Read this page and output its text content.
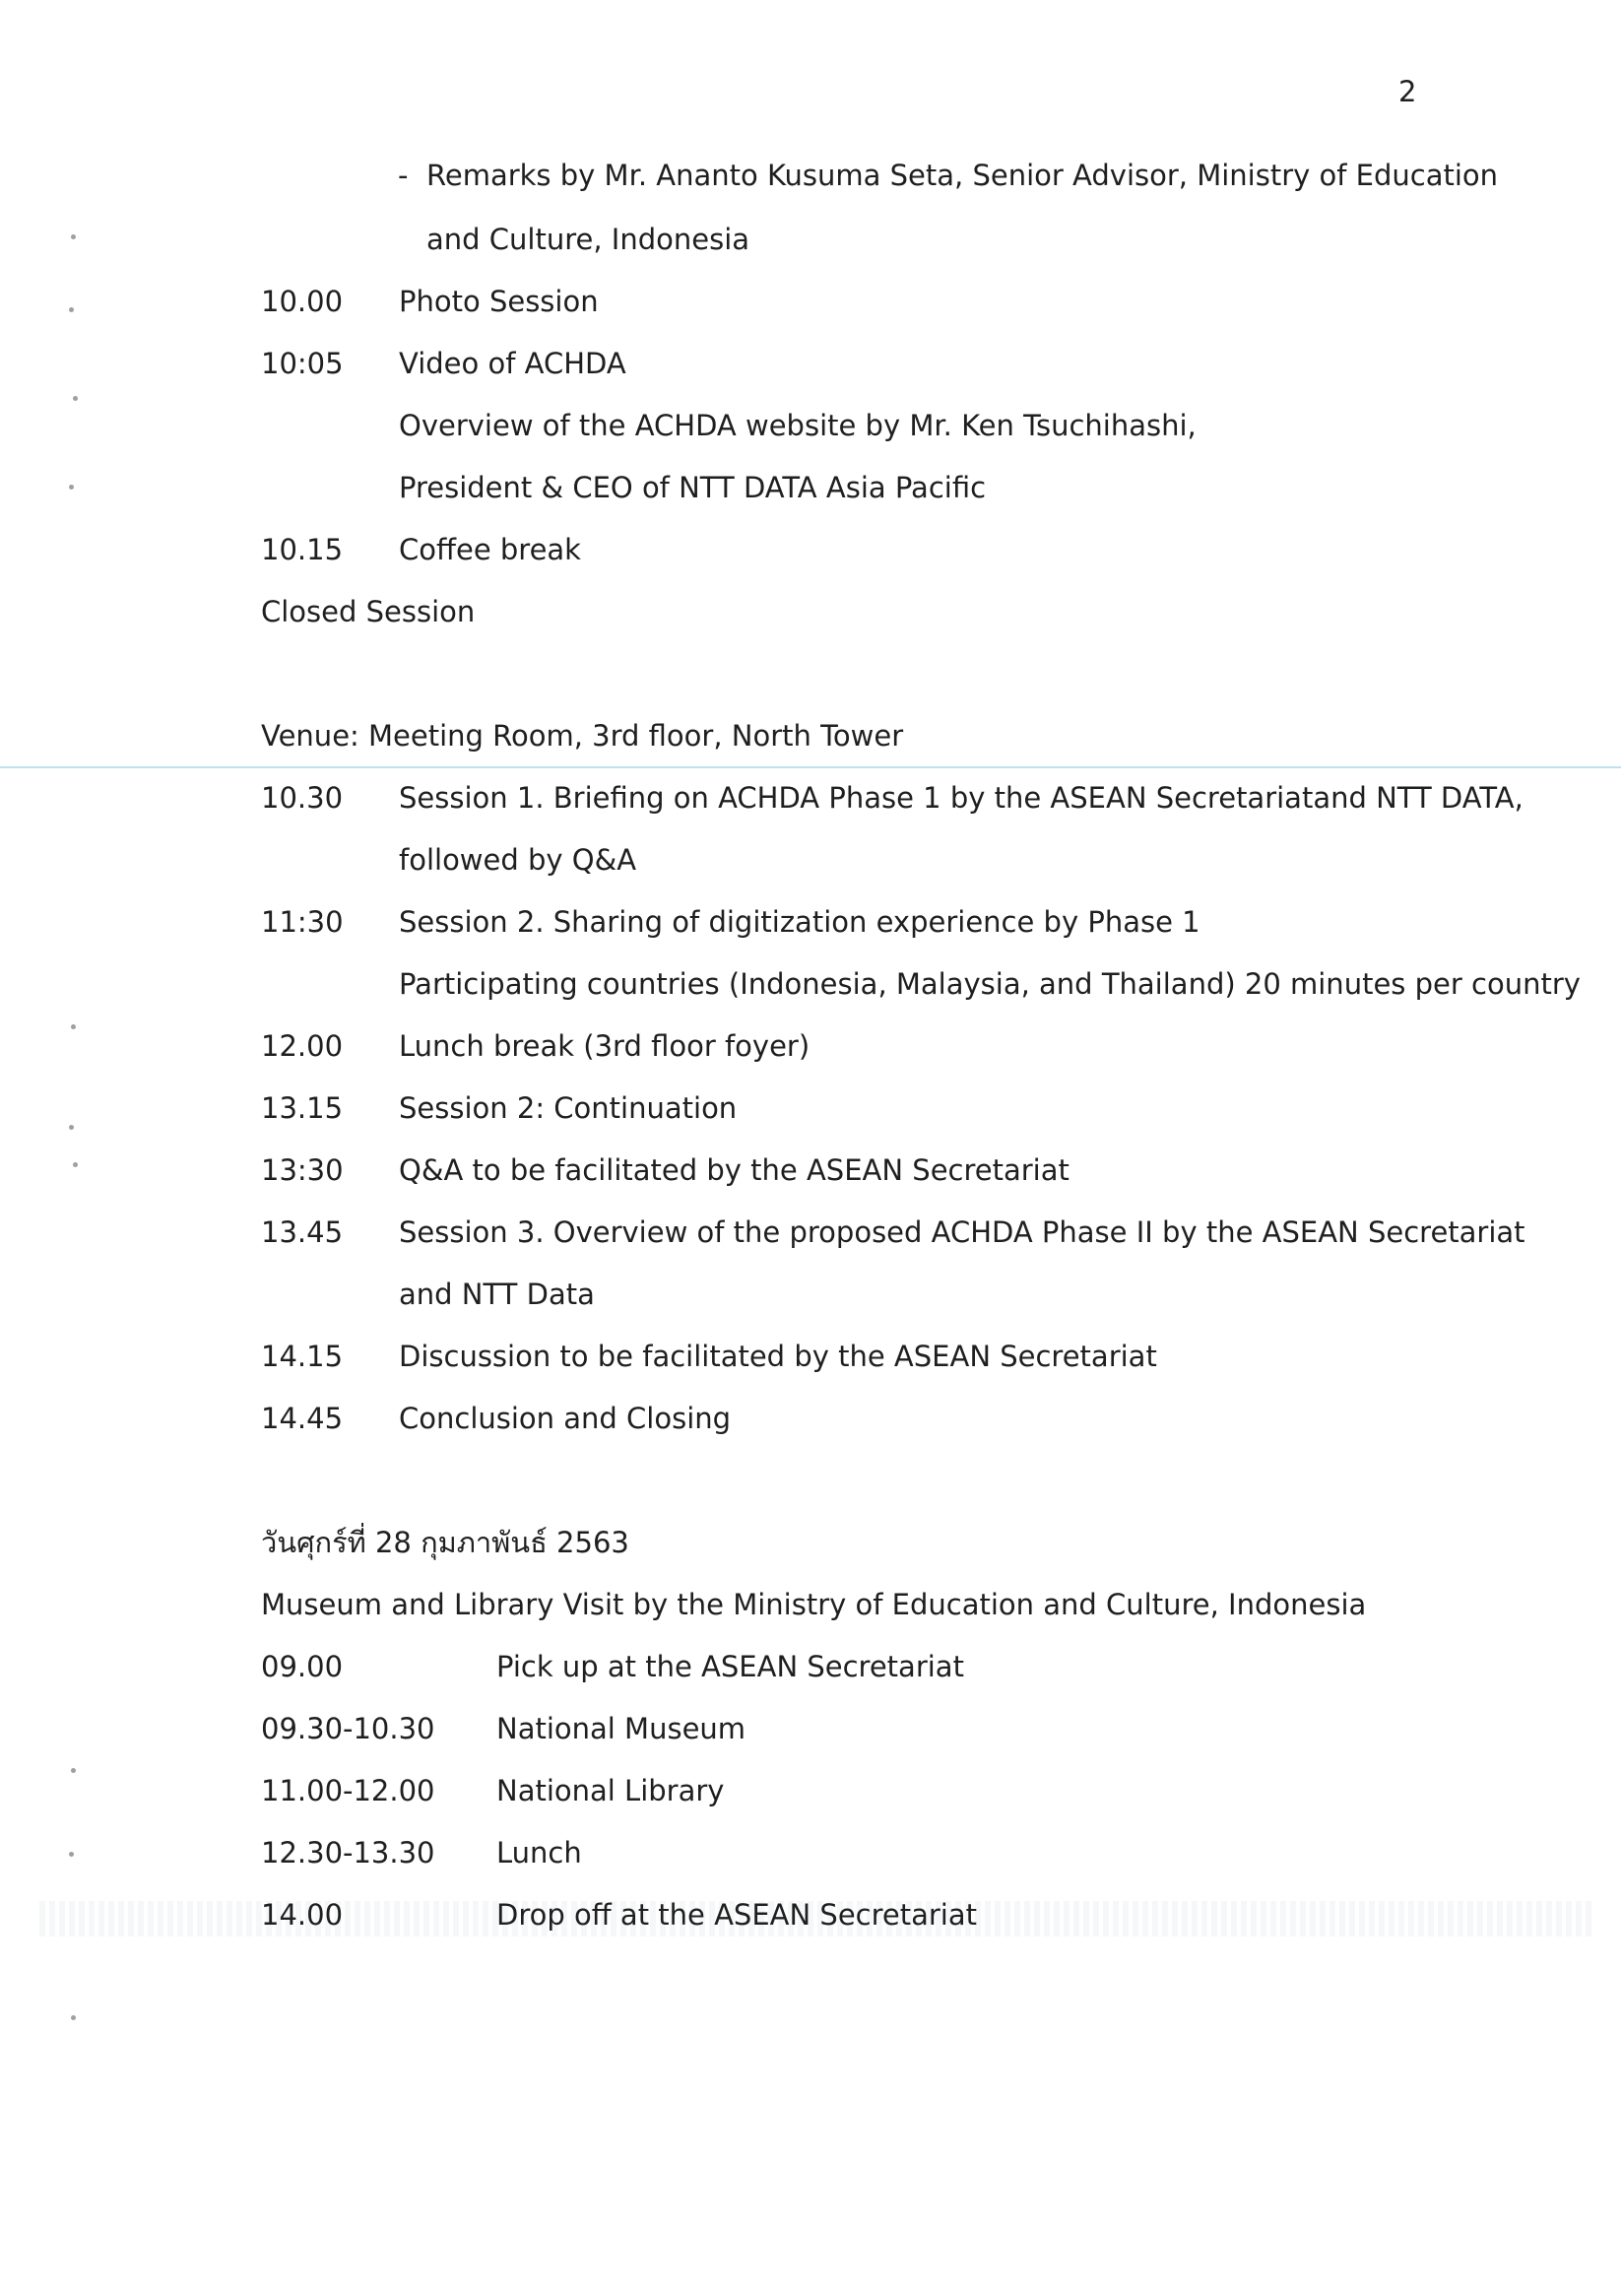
2
- Remarks by Mr. Ananto Kusuma Seta, Senior Advisor, Ministry of Education
and Culture, Indonesia
10.00 Photo Session
10:05 Video of ACHDA
Overview of the ACHDA website by Mr. Ken Tsuchihashi,
President & CEO of NTT DATA Asia Pacific
10.15 Coffee break
Closed Session
Venue: Meeting Room, 3rd floor, North Tower
10.30 Session 1. Briefing on ACHDA Phase 1 by the ASEAN Secretariatand NTT DATA,
followed by Q&A
11:30 Session 2. Sharing of digitization experience by Phase 1
Participating countries (Indonesia, Malaysia, and Thailand) 20 minutes per country
12.00 Lunch break (3rd floor foyer)
13.15 Session 2: Continuation
13:30 Q&A to be facilitated by the ASEAN Secretariat
13.45 Session 3. Overview of the proposed ACHDA Phase II by the ASEAN Secretariat
and NTT Data
14.15 Discussion to be facilitated by the ASEAN Secretariat
14.45 Conclusion and Closing
วันศุกร์ที่ 28 กุมภาพันธ์ 2563
Museum and Library Visit by the Ministry of Education and Culture, Indonesia
09.00	Pick up at the ASEAN Secretariat
09.30-10.30 National Museum
11.00-12.00 National Library
12.30-13.30 Lunch
14.00	Drop off at the ASEAN Secretariat
